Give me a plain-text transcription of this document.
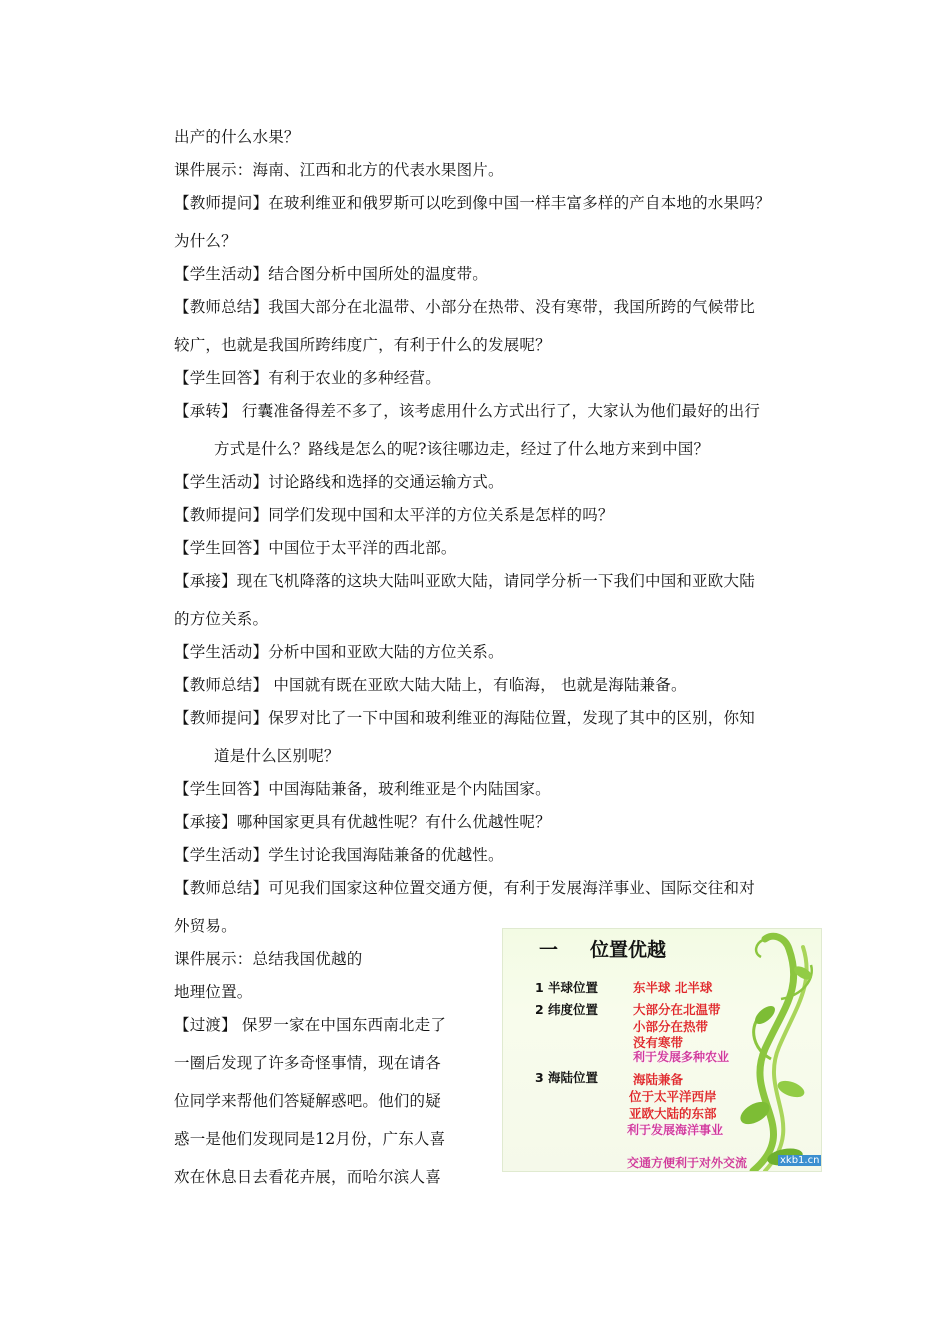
出产的什么水果？
课件展示：海南、江西和北方的代表水果图片。
【教师提问】在玻利维亚和俄罗斯可以吃到像中国一样丰富多样的产自本地的水果吗？
为什么？
【学生活动】结合图分析中国所处的温度带。
【教师总结】我国大部分在北温带、小部分在热带、没有寒带，我国所跨的气候带比
较广，也就是我国所跨纬度广，有利于什么的发展呢？
【学生回答】有利于农业的多种经营。
【承转】 行囊准备得差不多了，该考虑用什么方式出行了，大家认为他们最好的出行
方式是什么？路线是怎么的呢?该往哪边走，经过了什么地方来到中国？
【学生活动】讨论路线和选择的交通运输方式。
【教师提问】同学们发现中国和太平洋的方位关系是怎样的吗？
【学生回答】中国位于太平洋的西北部。
【承接】现在飞机降落的这块大陆叫亚欧大陆，请同学分析一下我们中国和亚欧大陆
的方位关系。
【学生活动】分析中国和亚欧大陆的方位关系。
【教师总结】 中国就有既在亚欧大陆大陆上，有临海， 也就是海陆兼备。
【教师提问】保罗对比了一下中国和玻利维亚的海陆位置，发现了其中的区别，你知
道是什么区别呢？
【学生回答】中国海陆兼备，玻利维亚是个内陆国家。
【承接】哪种国家更具有优越性呢？有什么优越性呢？
【学生活动】学生讨论我国海陆兼备的优越性。
【教师总结】可见我们国家这种位置交通方便，有利于发展海洋事业、国际交往和对
外贸易。
课件展示：总结我国优越的
地理位置。
【过渡】 保罗一家在中国东西南北走了
一圈后发现了许多奇怪事情，现在请各
位同学来帮他们答疑解惑吧。他们的疑
惑一是他们发现同是12月份，广东人喜
欢在休息日去看花卉展，而哈尔滨人喜
一 位置优越
1 半球位置	东半球 北半球
2 纬度位置	大部分在北温带
小部分在热带
没有寒带
利于发展多种农业
3 海陆位置	海陆兼备
位于太平洋西岸
亚欧大陆的东部
利于发展海洋事业
交通方便利于对外交流	xkb1.cn
